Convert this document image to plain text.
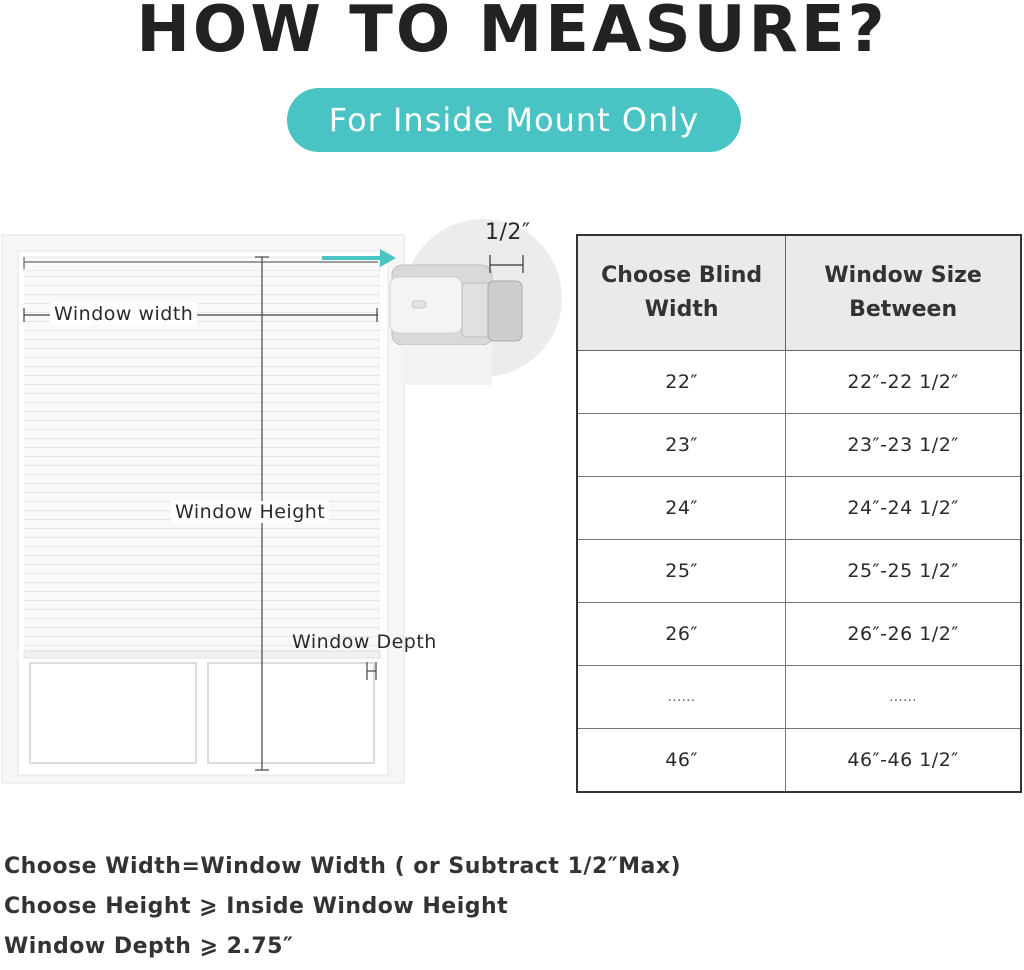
HOW TO MEASURE?
For Inside Mount Only
1/2″
Window width
Window Height
Window Depth
Choose Blind Width	Window Size Between
22″	22″-22 1/2″
23″	23″-23 1/2″
24″	24″-24 1/2″
25″	25″-25 1/2″
26″	26″-26 1/2″
......	......
46″	46″-46 1/2″
Choose Width=Window Width ( or Subtract 1/2″Max)
Choose Height ⩾ Inside Window Height
Window Depth ⩾ 2.75″
